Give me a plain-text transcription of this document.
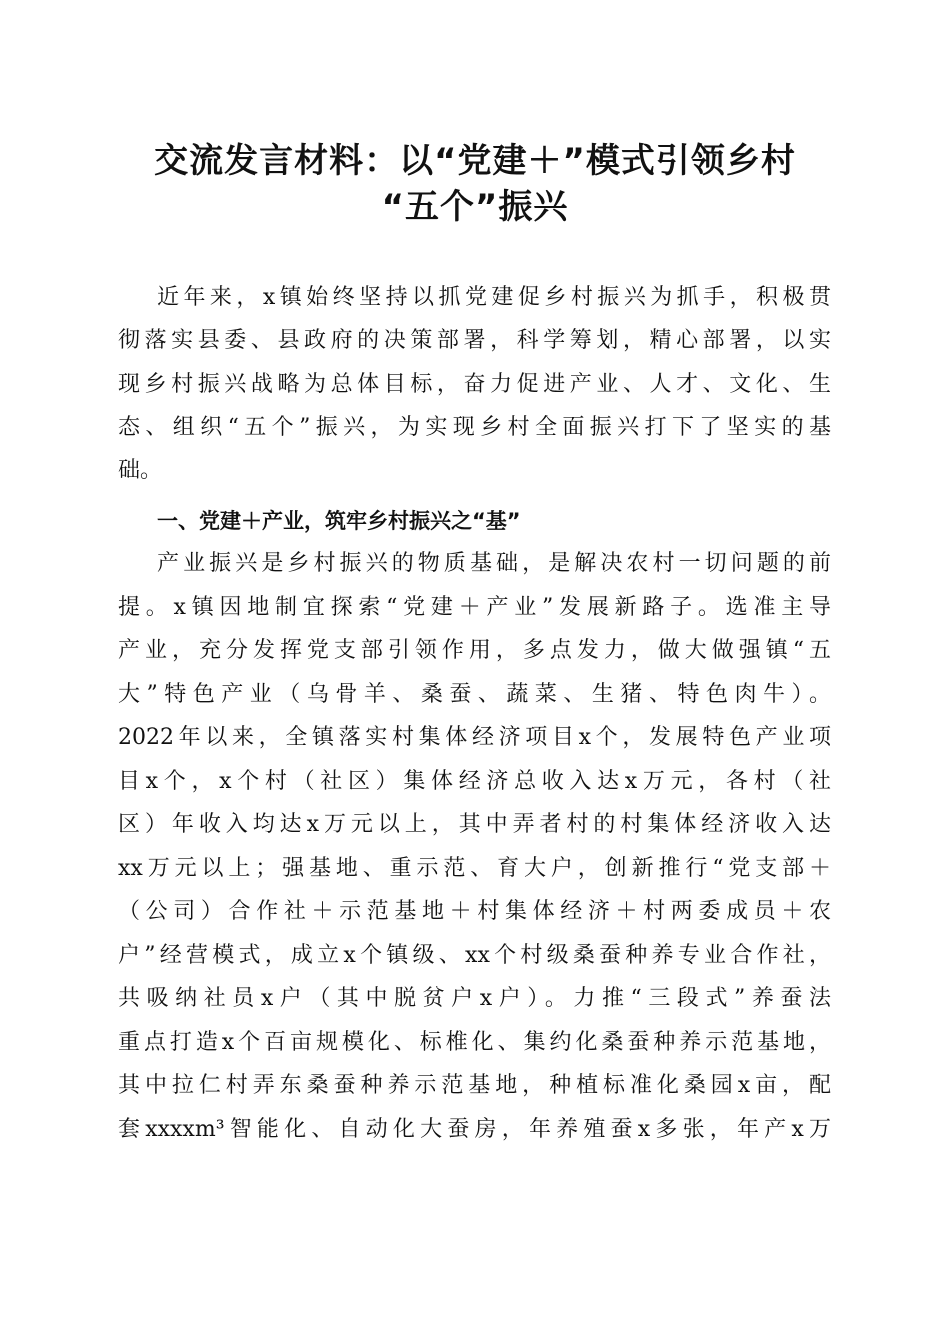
交流发言材料：以“党建＋”模式引领乡村
“五个”振兴

近年来，x镇始终坚持以抓党建促乡村振兴为抓手，积极贯

彻落实县委、县政府的决策部署，科学筹划，精心部署，以实

现乡村振兴战略为总体目标，奋力促进产业、人才、文化、生

态、组织“五个”振兴，为实现乡村全面振兴打下了坚实的基

础。

一、党建＋产业，筑牢乡村振兴之“基”

产业振兴是乡村振兴的物质基础，是解决农村一切问题的前

提。x镇因地制宜探索“党建＋产业”发展新路子。选准主导

产业，充分发挥党支部引领作用，多点发力，做大做强镇“五

大”特色产业（乌骨羊、桑蚕、蔬菜、生猪、特色肉牛）。

2022年以来，全镇落实村集体经济项目x个，发展特色产业项

目x个，x个村（社区）集体经济总收入达x万元，各村（社

区）年收入均达x万元以上，其中弄者村的村集体经济收入达

xx万元以上；强基地、重示范、育大户，创新推行“党支部＋

（公司）合作社＋示范基地＋村集体经济＋村两委成员＋农

户”经营模式，成立x个镇级、xx个村级桑蚕种养专业合作社，

共吸纳社员x户（其中脱贫户x户）。力推“三段式”养蚕法

重点打造x个百亩规模化、标椎化、集约化桑蚕种养示范基地，

其中拉仁村弄东桑蚕种养示范基地，种植标准化桑园x亩，配

套xxxxm³智能化、自动化大蚕房，年养殖蚕x多张，年产x万
